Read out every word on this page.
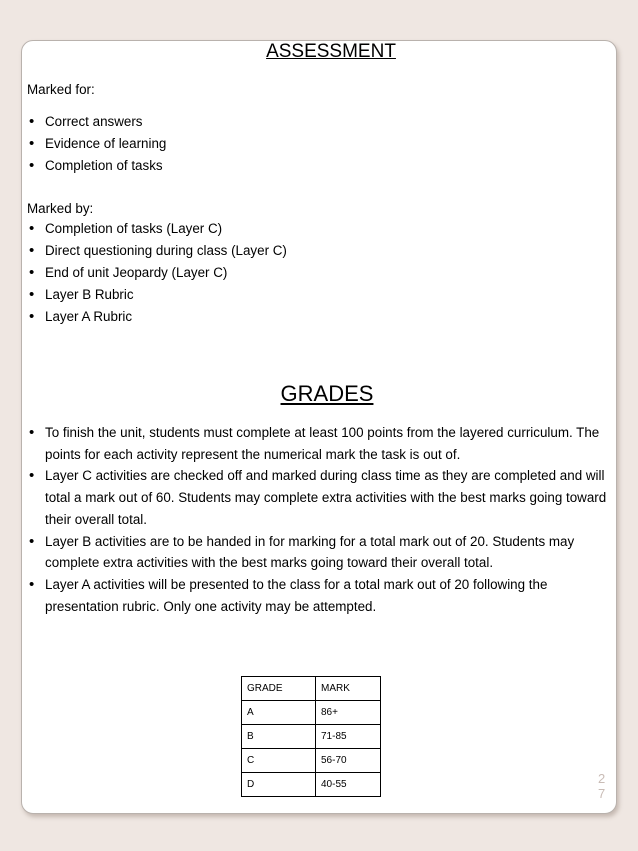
ASSESSMENT
Marked for:
• Correct answers
• Evidence of learning
• Completion of tasks
Marked by:
• Completion of tasks (Layer C)
• Direct questioning during class (Layer C)
• End of unit Jeopardy (Layer C)
• Layer B Rubric
• Layer A Rubric
GRADES
• To finish the unit, students must complete at least 100 points from the layered curriculum. The points for each activity represent the numerical mark the task is out of.
• Layer C activities are checked off and marked during class time as they are completed and will total a mark out of 60. Students may complete extra activities with the best marks going toward their overall total.
• Layer B activities are to be handed in for marking for a total mark out of 20. Students may complete extra activities with the best marks going toward their overall total.
• Layer A activities will be presented to the class for a total mark out of 20 following the presentation rubric. Only one activity may be attempted.
GRADE	MARK
A	86+
B	71-85
C	56-70
D	40-55	2
7
